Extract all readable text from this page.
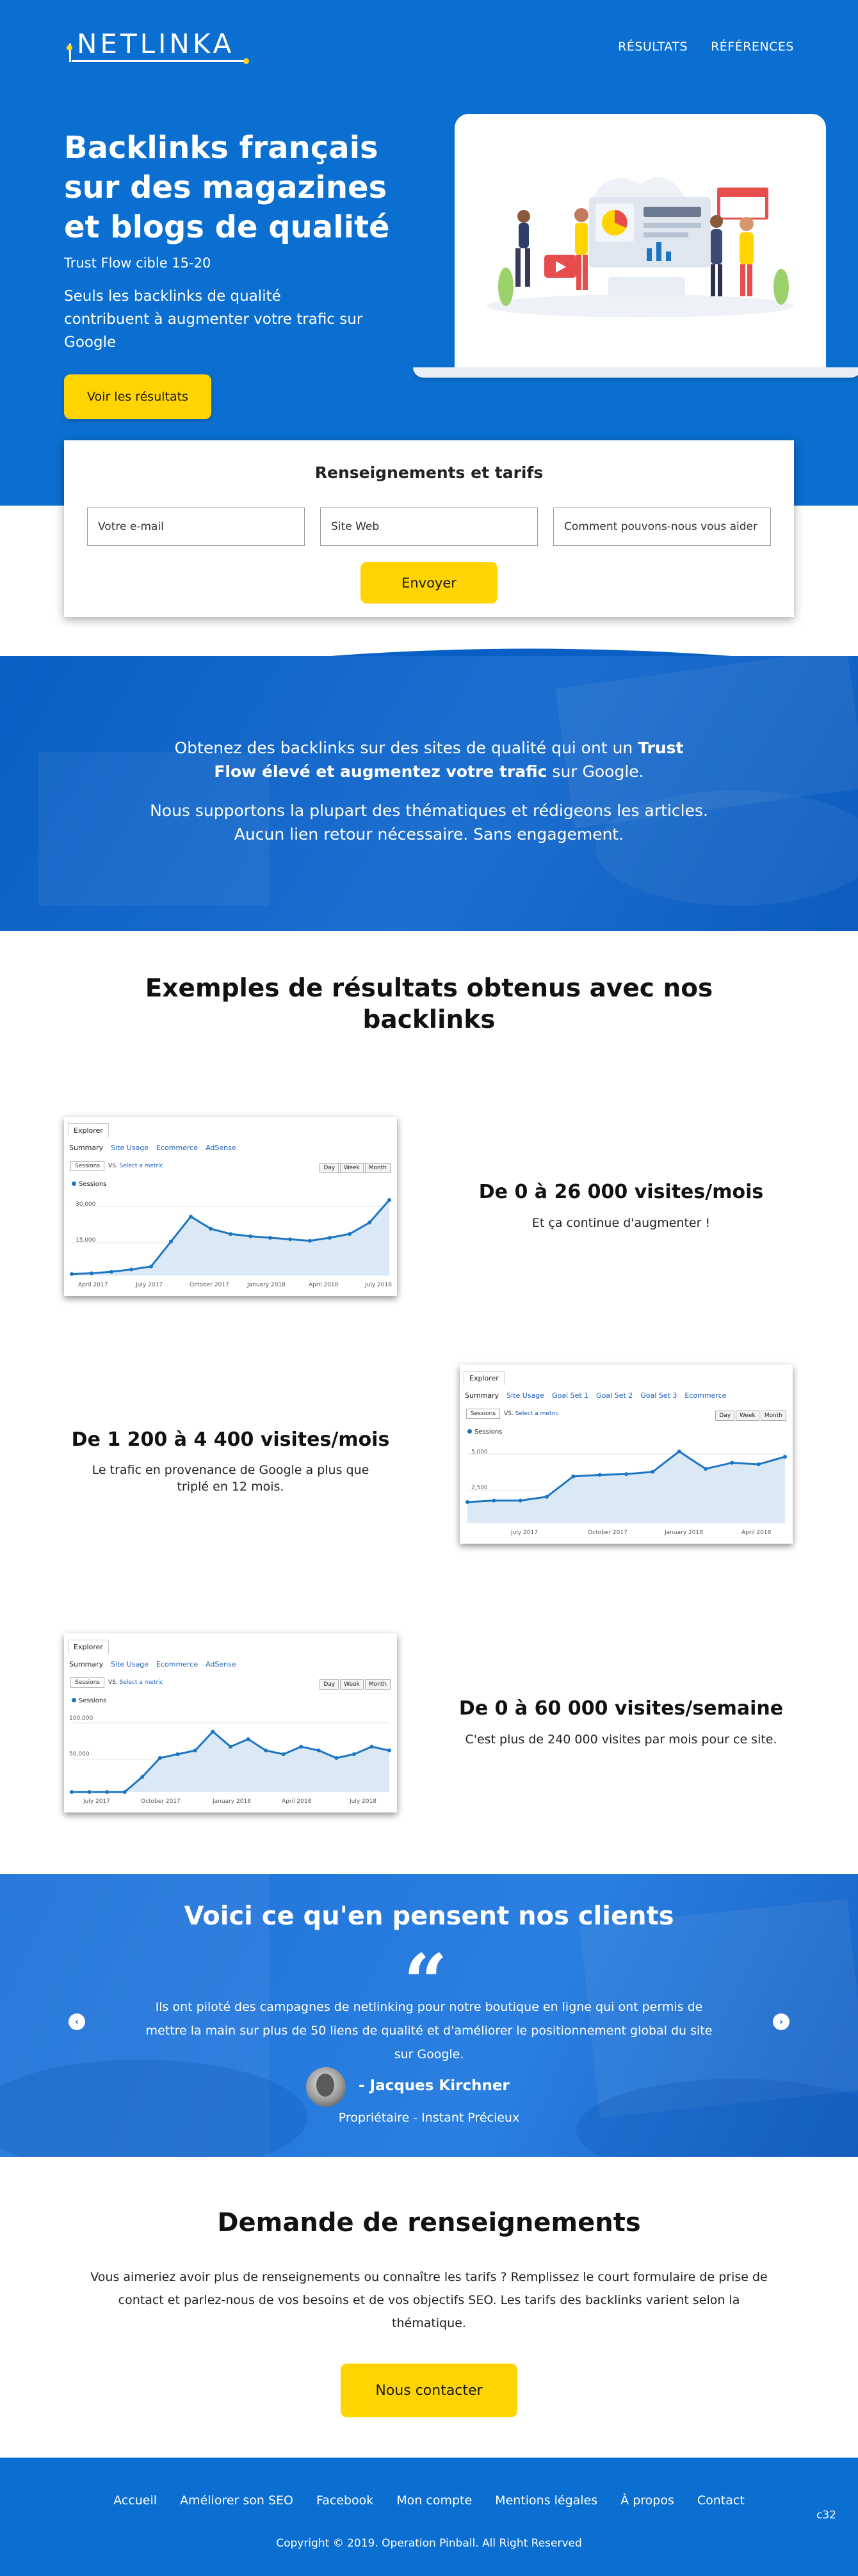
NETLINKA	RÉSULTATS RÉFÉRENCES
Backlinks français sur des magazines et blogs de qualité
Trust Flow cible 15-20
Seuls les backlinks de qualité contribuent à augmenter votre trafic sur Google
Voir les résultats
Renseignements et tarifs
Votre e-mail
Site Web
Comment pouvons-nous vous aider ?
Envoyer

Obtenez des backlinks sur des sites de qualité qui ont un Trust Flow élevé et augmentez votre trafic sur Google.

Nous supportons la plupart des thématiques et rédigeons les articles. Aucun lien retour nécessaire. Sans engagement.

Exemples de résultats obtenus avec nos backlinks
Explorer
Summary Site Usage Ecommerce AdSense
Sessions VS. Select a metric	Day	Week	Month
Sessions
30,000
15,000
April 2017	July 2017	October 2017	January 2018	April 2018	July 2018
De 0 à 26 000 visites/mois
Et ça continue d'augmenter !
Explorer
Summary Site Usage Goal Set 1 Goal Set 2 Goal Set 3 Ecommerce
Sessions VS. Select a metric	Day	Week	Month
Sessions
5,000
2,500
July 2017	October 2017	January 2018	April 2018
De 1 200 à 4 400 visites/mois
Le trafic en provenance de Google a plus que triplé en 12 mois.
Explorer
Summary Site Usage Ecommerce AdSense
Sessions VS. Select a metric	Day	Week	Month
Sessions
100,000
50,000
July 2017	October 2017	January 2018	April 2018	July 2018
De 0 à 60 000 visites/semaine
C'est plus de 240 000 visites par mois pour ce site.
Voici ce qu'en pensent nos clients
“
Ils ont piloté des campagnes de netlinking pour notre boutique en ligne qui ont permis de mettre la main sur plus de 50 liens de qualité et d'améliorer le positionnement global du site sur Google.
‹	›
- Jacques Kirchner
Propriétaire - Instant Précieux
Demande de renseignements

Vous aimeriez avoir plus de renseignements ou connaître les tarifs ? Remplissez le court formulaire de prise de contact et parlez-nous de vos besoins et de vos objectifs SEO. Les tarifs des backlinks varient selon la thématique.

Nous contacter
Accueil Améliorer son SEO Facebook Mon compte Mentions légales À propos Contact
Copyright © 2019. Operation Pinball. All Right Reserved
c32
